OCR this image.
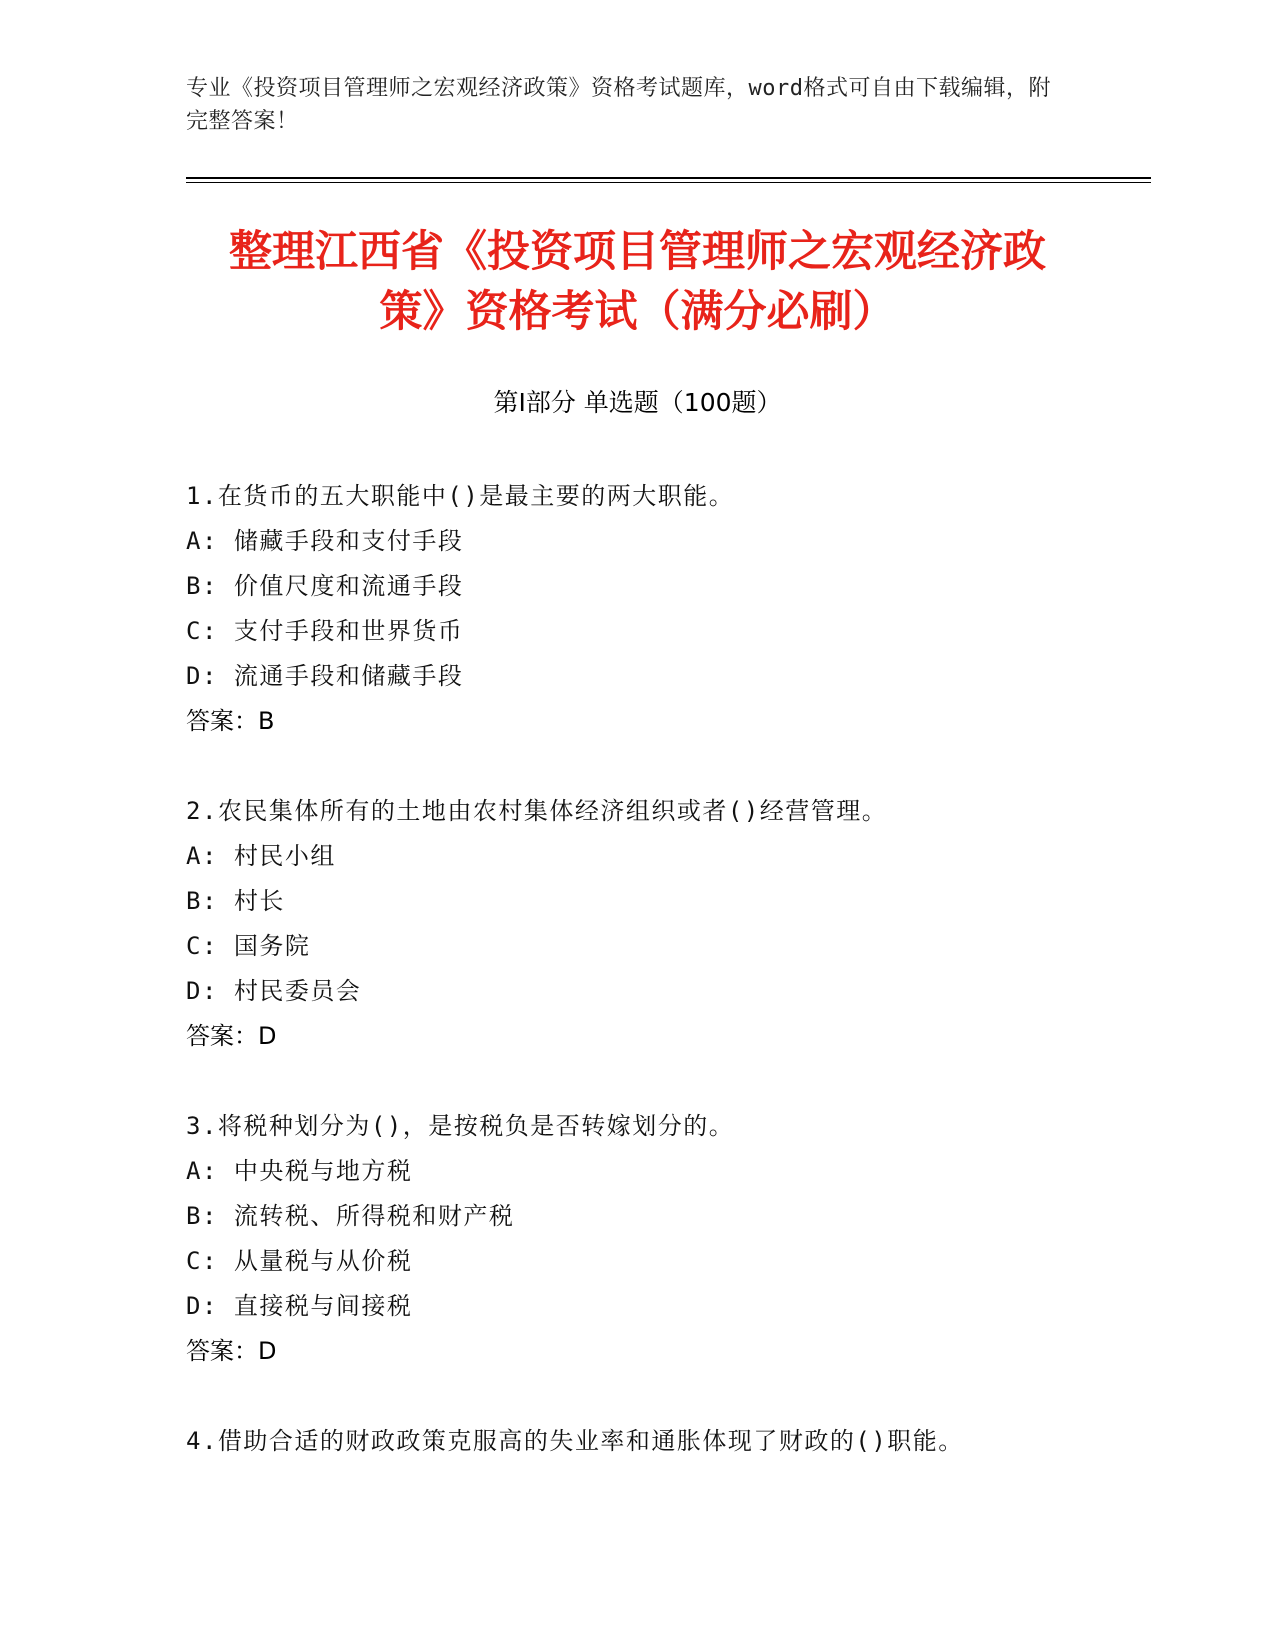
专业《投资项目管理师之宏观经济政策》资格考试题库，word格式可自由下载编辑，附完整答案！
整理江西省《投资项目管理师之宏观经济政
策》资格考试（满分必刷）
第Ⅰ部分 单选题（100题）
1.在货币的五大职能中()是最主要的两大职能。
A: 储藏手段和支付手段
B: 价值尺度和流通手段
C: 支付手段和世界货币
D: 流通手段和储藏手段
答案：B
2.农民集体所有的土地由农村集体经济组织或者()经营管理。
A: 村民小组
B: 村长
C: 国务院
D: 村民委员会
答案：D
3.将税种划分为()，是按税负是否转嫁划分的。
A: 中央税与地方税
B: 流转税、所得税和财产税
C: 从量税与从价税
D: 直接税与间接税
答案：D
4.借助合适的财政政策克服高的失业率和通胀体现了财政的()职能。
